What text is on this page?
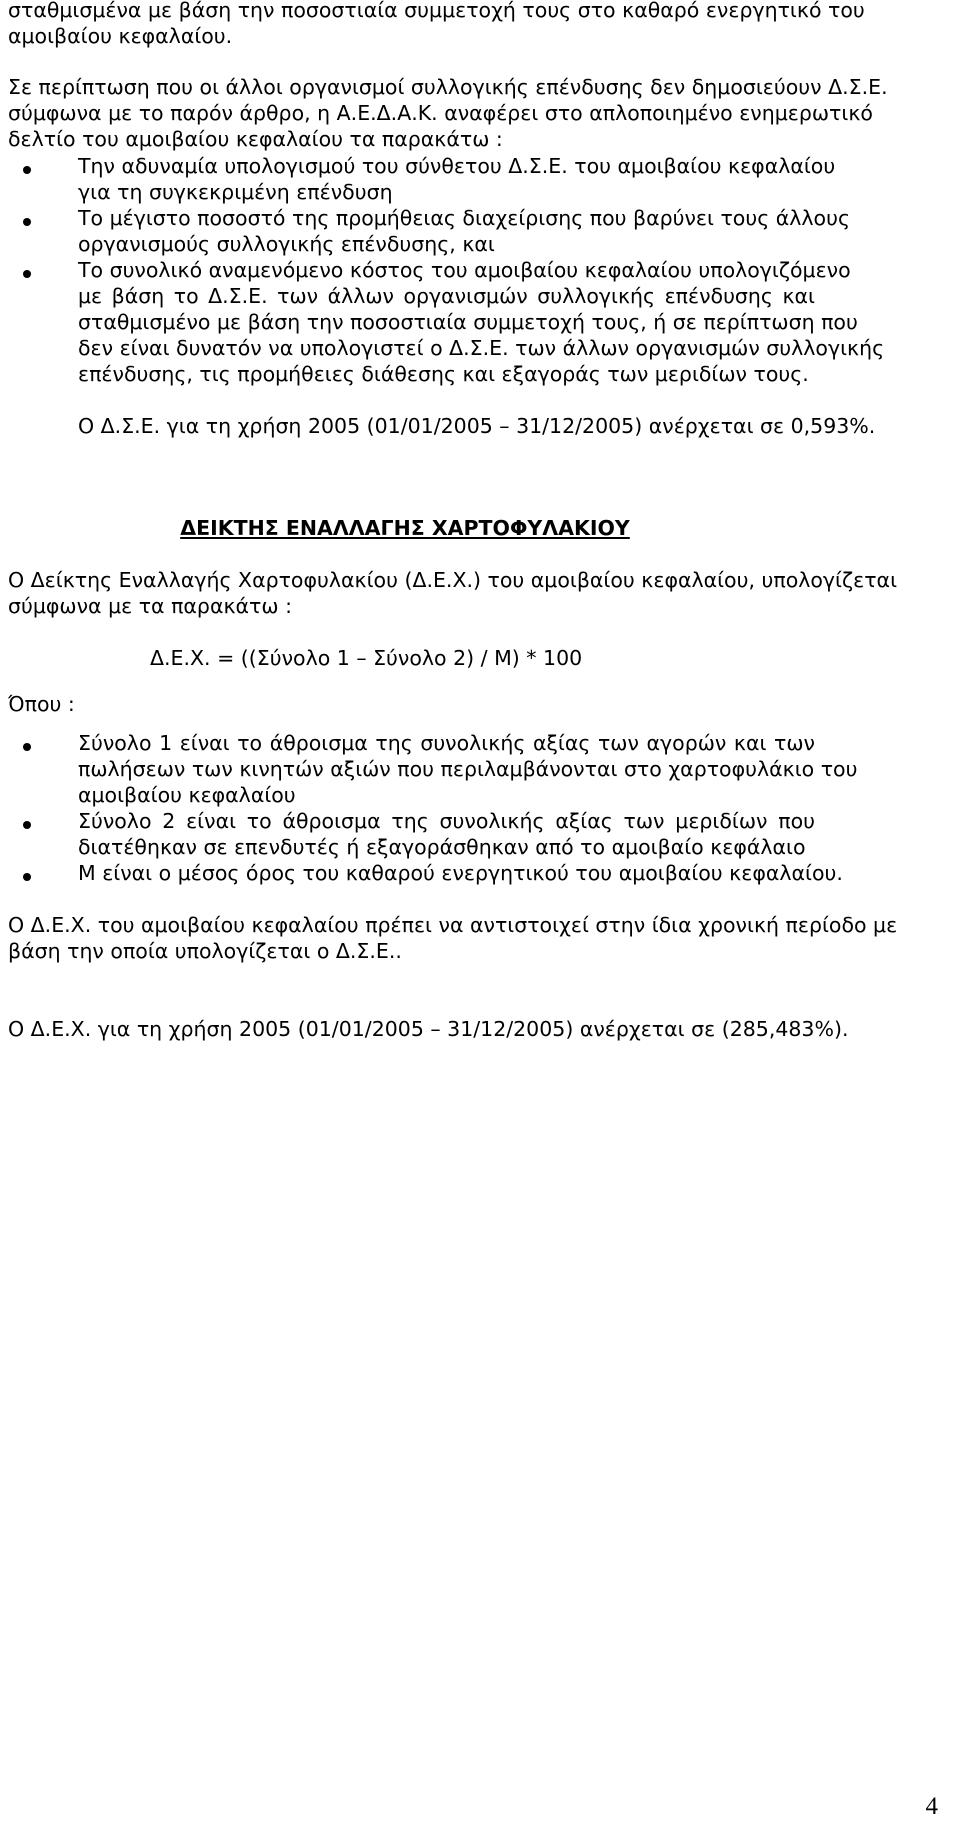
σταθμισμένα με βάση την ποσοστιαία συμμετοχή τους στο καθαρό ενεργητικό του

αμοιβαίου κεφαλαίου.

Σε περίπτωση που οι άλλοι οργανισμοί συλλογικής επένδυσης δεν δημοσιεύουν Δ.Σ.Ε.

σύμφωνα με το παρόν άρθρο, η Α.Ε.Δ.Α.Κ. αναφέρει στο απλοποιημένο ενημερωτικό

δελτίο του αμοιβαίου κεφαλαίου τα παρακάτω :

Την αδυναμία υπολογισμού του σύνθετου Δ.Σ.Ε. του αμοιβαίου κεφαλαίου

για τη συγκεκριμένη επένδυση

Το μέγιστο ποσοστό της προμήθειας διαχείρισης που βαρύνει τους άλλους

οργανισμούς συλλογικής επένδυσης, και

Το συνολικό αναμενόμενο κόστος του αμοιβαίου κεφαλαίου υπολογιζόμενο

με βάση το Δ.Σ.Ε. των άλλων οργανισμών συλλογικής επένδυσης και

σταθμισμένο με βάση την ποσοστιαία συμμετοχή τους, ή σε περίπτωση που

δεν είναι δυνατόν να υπολογιστεί ο Δ.Σ.Ε. των άλλων οργανισμών συλλογικής

επένδυσης, τις προμήθειες διάθεσης και εξαγοράς των μεριδίων τους.

Ο Δ.Σ.Ε. για τη χρήση 2005 (01/01/2005 – 31/12/2005) ανέρχεται σε 0,593%.

ΔΕΙΚΤΗΣ ΕΝΑΛΛΑΓΗΣ ΧΑΡΤΟΦΥΛΑΚΙΟΥ

Ο Δείκτης Εναλλαγής Χαρτοφυλακίου (Δ.Ε.Χ.) του αμοιβαίου κεφαλαίου, υπολογίζεται

σύμφωνα με τα παρακάτω :

Δ.Ε.Χ. = ((Σύνολο 1 – Σύνολο 2) / Μ) * 100

Όπου :

Σύνολο 1 είναι το άθροισμα της συνολικής αξίας των αγορών και των

πωλήσεων των κινητών αξιών που περιλαμβάνονται στο χαρτοφυλάκιο του

αμοιβαίου κεφαλαίου

Σύνολο 2 είναι το άθροισμα της συνολικής αξίας των μεριδίων που

διατέθηκαν σε επενδυτές ή εξαγοράσθηκαν από το αμοιβαίο κεφάλαιο

Μ είναι ο μέσος όρος του καθαρού ενεργητικού του αμοιβαίου κεφαλαίου.

Ο Δ.Ε.Χ. του αμοιβαίου κεφαλαίου πρέπει να αντιστοιχεί στην ίδια χρονική περίοδο με

βάση την οποία υπολογίζεται ο Δ.Σ.Ε..

Ο Δ.Ε.Χ. για τη χρήση 2005 (01/01/2005 – 31/12/2005) ανέρχεται σε (285,483%).

4
